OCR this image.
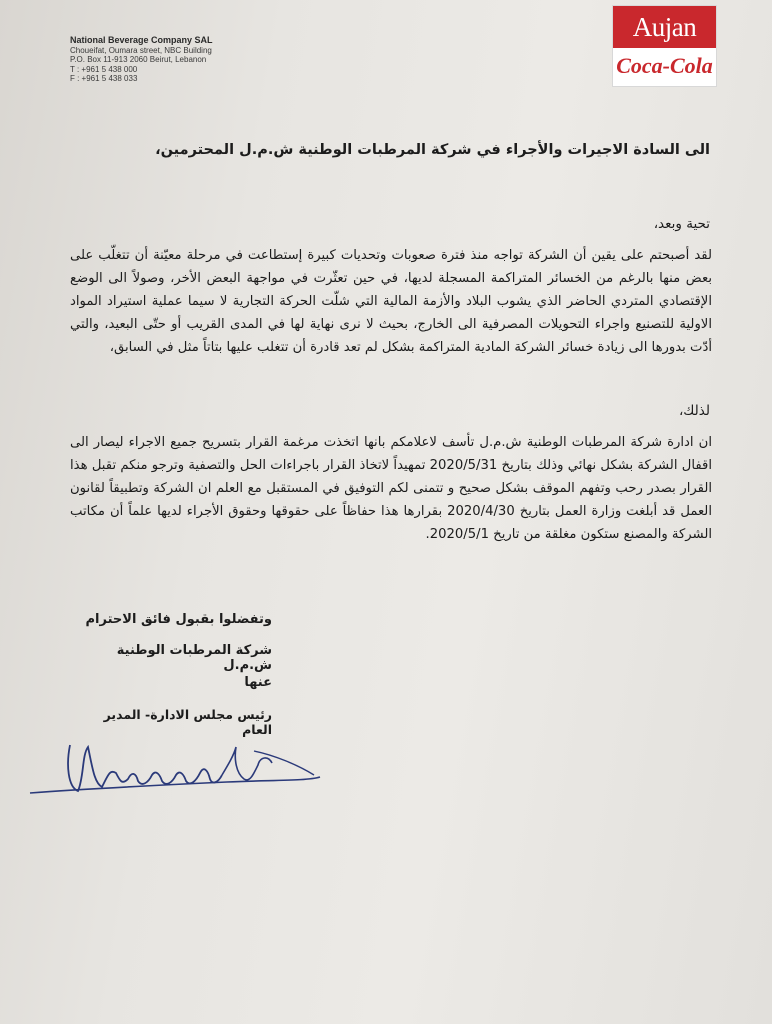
National Beverage Company SAL
Choueifat, Oumara street, NBC Building
P.O. Box 11-913 2060 Beirut, Lebanon
T : +961 5 438 000
F : +961 5 438 033
Aujan
Coca-Cola
الى السادة الاجيرات والأجراء في شركة المرطبات الوطنية ش.م.ل المحترمين،
تحية وبعد،
لقد أصبحتم على يقين أن الشركة تواجه منذ فترة صعوبات وتحديات كبيرة إستطاعت في مرحلة معيّنة أن تتغلّب على بعض منها بالرغم من الخسائر المتراكمة المسجلة لديها، في حين تعثّرت في مواجهة البعض الأخر، وصولاً الى الوضع الإقتصادي المتردي الحاضر الذي يشوب البلاد والأزمة المالية التي شلّت الحركة التجارية لا سيما عملية استيراد المواد الاولية للتصنيع واجراء التحويلات المصرفية الى الخارج، بحيث لا نرى نهاية لها في المدى القريب أو حتّى البعيد، والتي أدّت بدورها الى زيادة خسائر الشركة المادية المتراكمة بشكل لم تعد قادرة أن تتغلب عليها بتاتاً مثل في السابق،
لذلك،
ان ادارة شركة المرطبات الوطنية ش.م.ل تأسف لاعلامكم بانها اتخذت مرغمة القرار بتسريح جميع الاجراء ليصار الى اقفال الشركة بشكل نهائي وذلك بتاريخ 2020/5/31 تمهيداً لاتخاذ القرار باجراءات الحل والتصفية وترجو منكم تقبل هذا القرار بصدر رحب وتفهم الموقف بشكل صحيح و تتمنى لكم التوفيق في المستقبل مع العلم ان الشركة وتطبيقاً لقانون العمل قد أبلغت وزارة العمل بتاريخ 2020/4/30 بقرارها هذا حفاظاً على حقوقها وحقوق الأجراء لديها علماً أن مكاتب الشركة والمصنع ستكون مغلقة من تاريخ 2020/5/1.
وتفضلوا بقبول فائق الاحترام
شركة المرطبات الوطنية ش.م.ل
عنها
رئيس مجلس الادارة- المدير العام
